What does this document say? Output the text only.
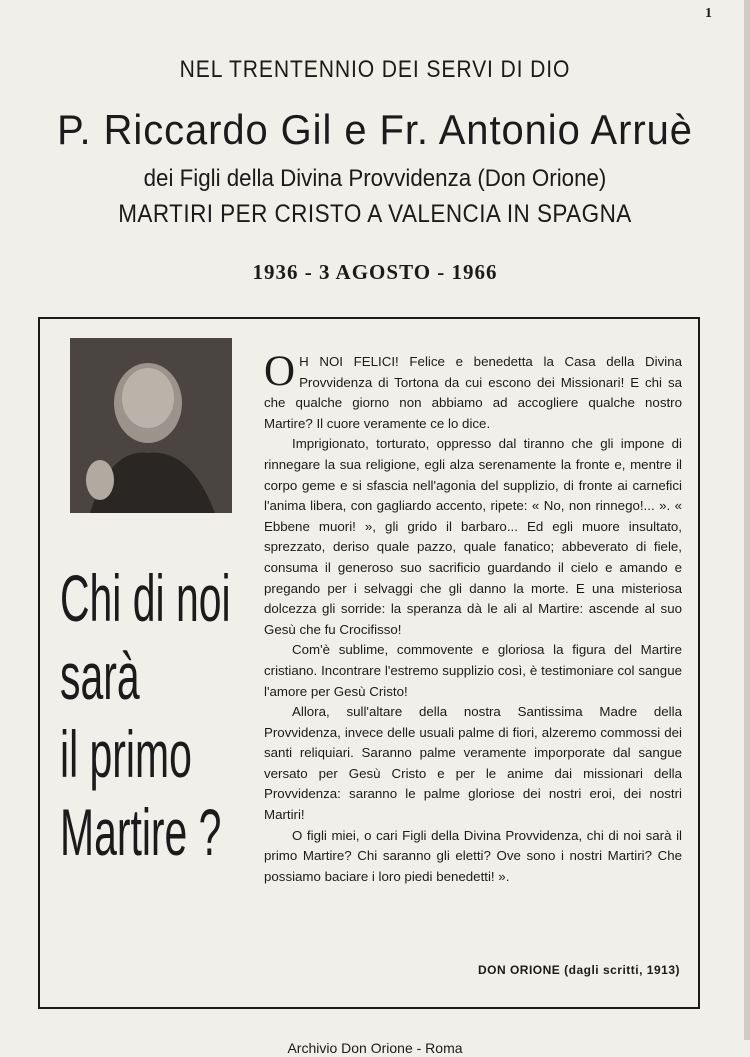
1
NEL TRENTENNIO DEI SERVI DI DIO
P. Riccardo Gil e Fr. Antonio Arruè
dei Figli della Divina Provvidenza (Don Orione)
MARTIRI PER CRISTO A VALENCIA IN SPAGNA
1936 - 3 AGOSTO - 1966
Chi di noi
sarà
il primo
Martire ?

O H NOI FELICI! Felice e benedetta la Casa della Divina Provvidenza di Tortona da cui escono dei Missionari! E chi sa che qualche giorno non abbiamo ad accogliere qualche nostro Martire? Il cuore veramente ce lo dice.

Imprigionato, torturato, oppresso dal tiranno che gli impone di rinnegare la sua religione, egli alza serenamente la fronte e, mentre il corpo geme e si sfascia nell'agonia del supplizio, di fronte ai carnefici l'anima libera, con gagliardo accento, ripete: « No, non rinnego!... ». « Ebbene muori! », gli grido il barbaro... Ed egli muore insultato, sprezzato, deriso quale pazzo, quale fanatico; abbeverato di fiele, consuma il generoso suo sacrificio guardando il cielo e amando e pregando per i selvaggi che gli danno la morte. E una misteriosa dolcezza gli sorride: la speranza dà le ali al Martire: ascende al suo Gesù che fu Crocifisso!

Com'è sublime, commovente e gloriosa la figura del Martire cristiano. Incontrare l'estremo supplizio così, è testimoniare col sangue l'amore per Gesù Cristo!

Allora, sull'altare della nostra Santissima Madre della Provvidenza, invece delle usuali palme di fiori, alzeremo commossi dei santi reliquiari. Saranno palme veramente imporporate dal sangue versato per Gesù Cristo e per le anime dai missionari della Provvidenza: saranno le palme gloriose dei nostri eroi, dei nostri Martiri!

O figli miei, o cari Figli della Divina Provvidenza, chi di noi sarà il primo Martire? Chi saranno gli eletti? Ove sono i nostri Martiri? Che possiamo baciare i loro piedi benedetti! ».

DON ORIONE (dagli scritti, 1913)
Archivio Don Orione - Roma
